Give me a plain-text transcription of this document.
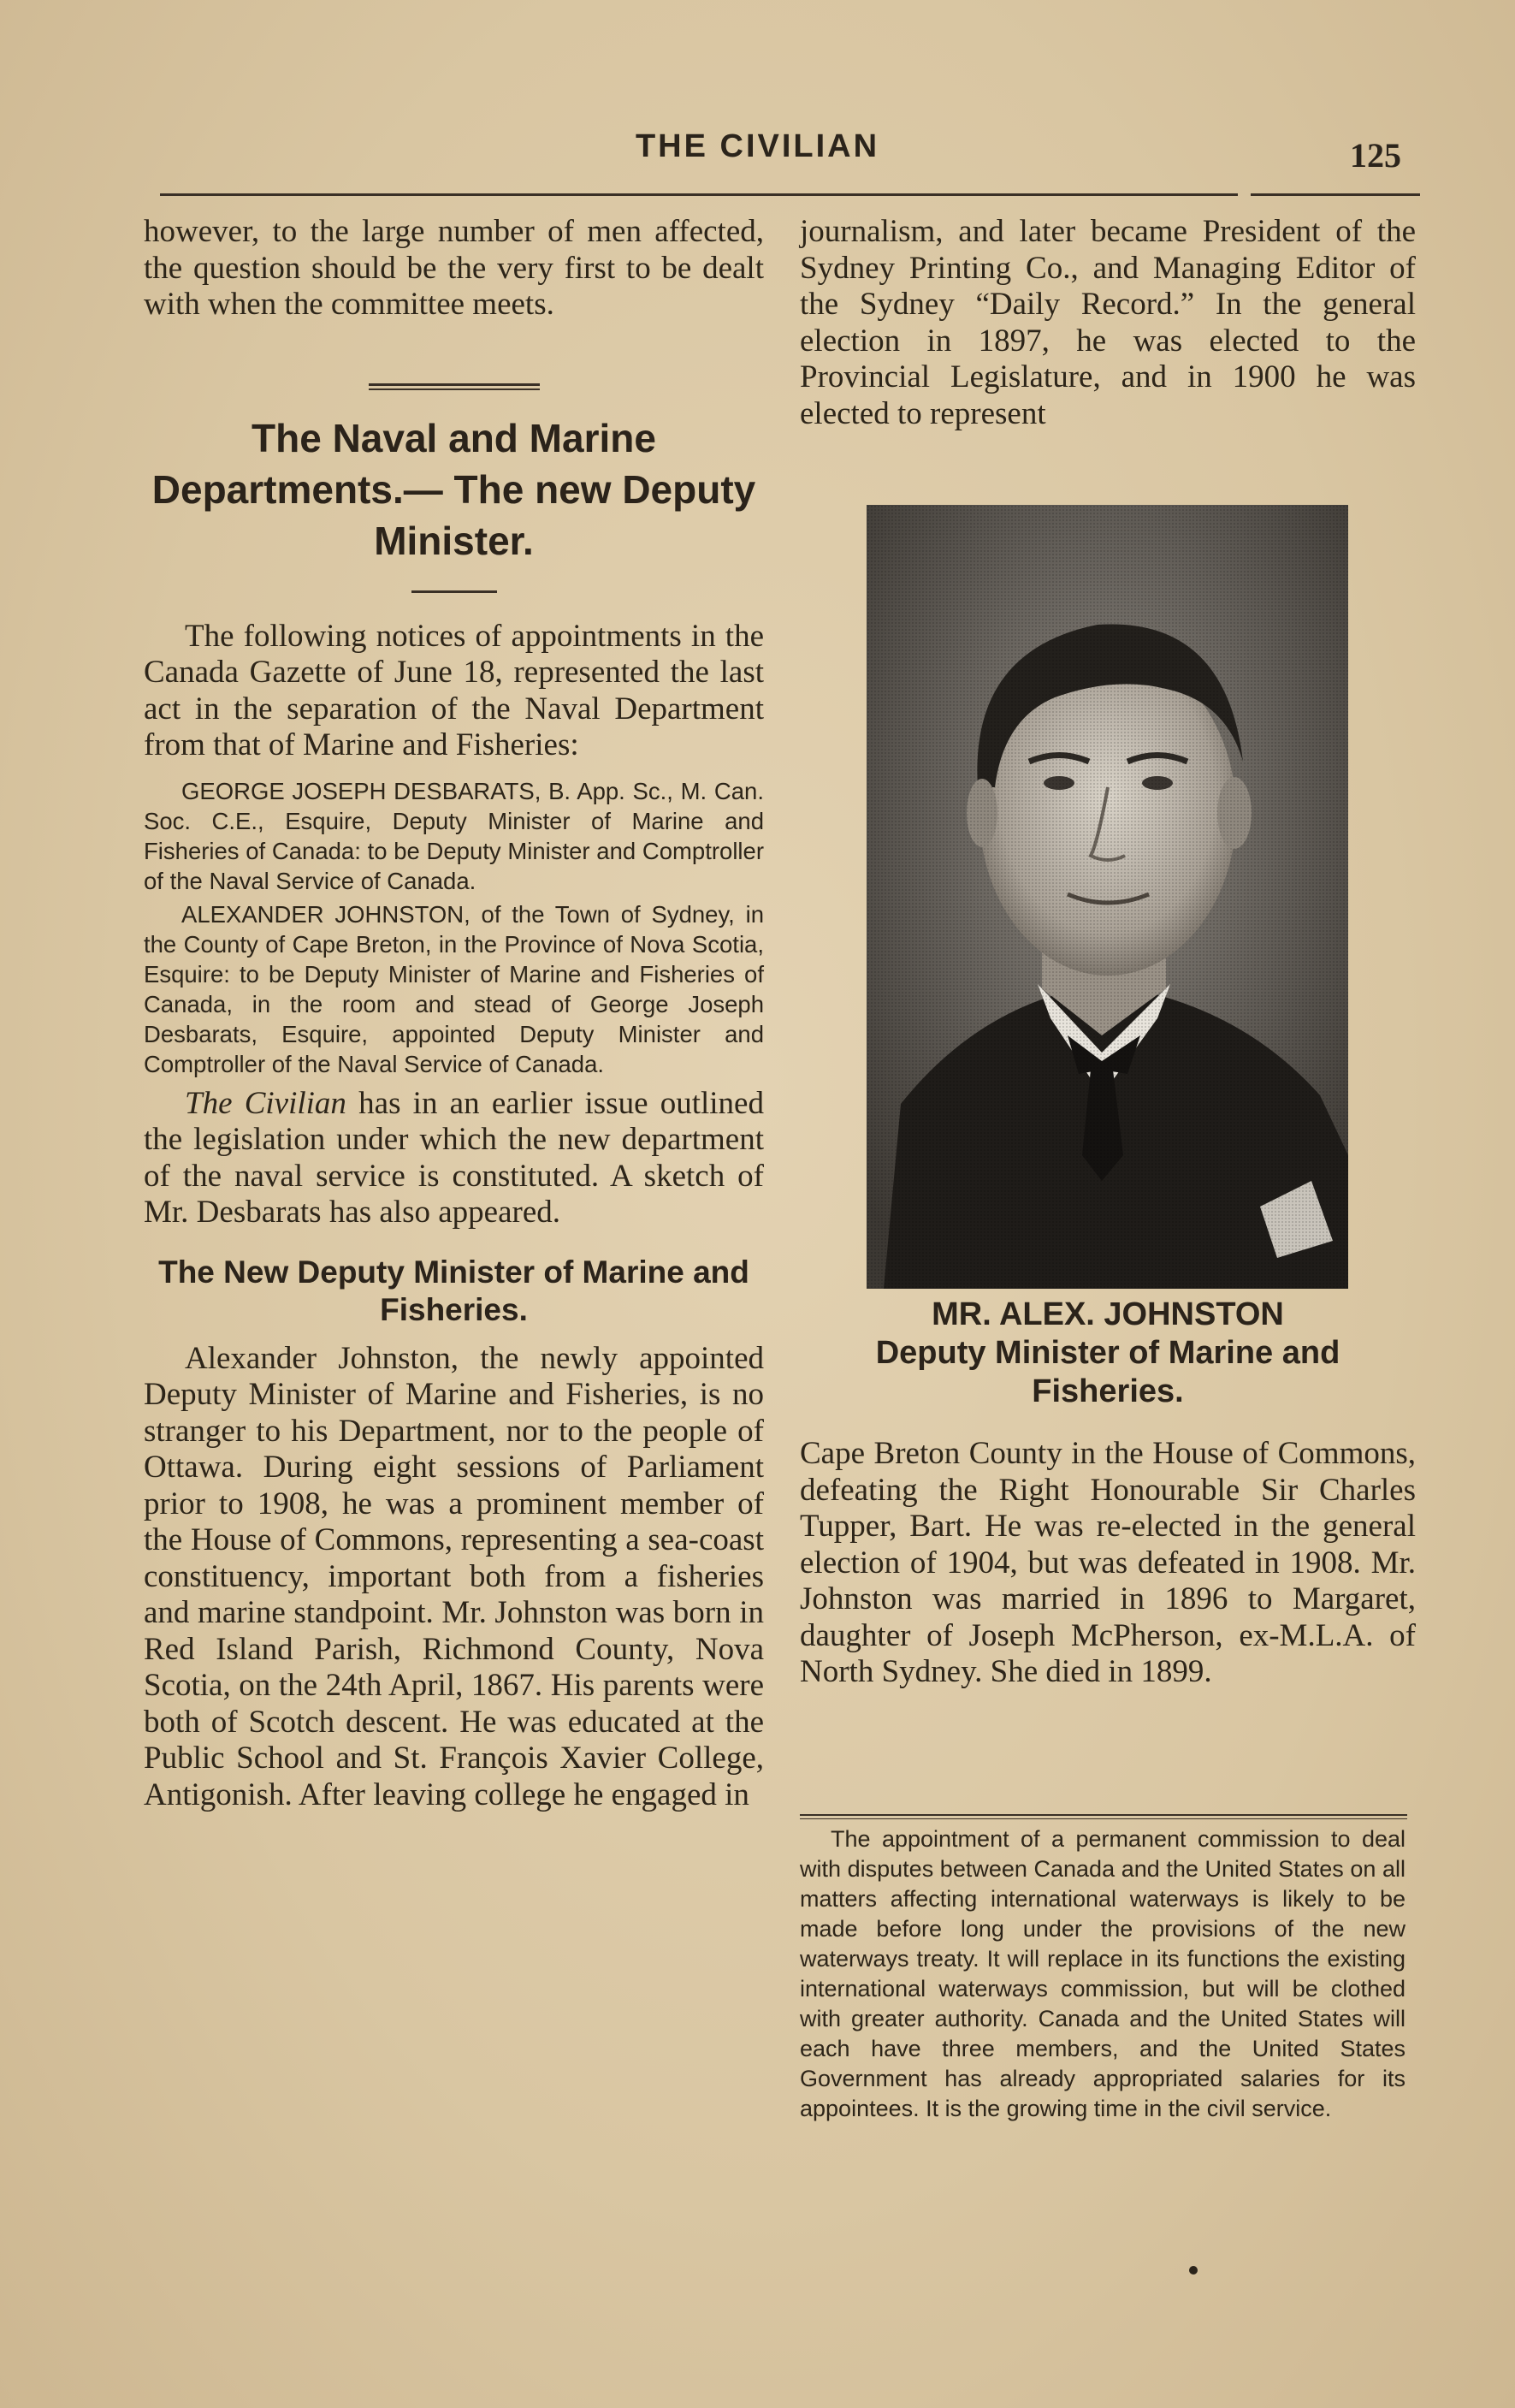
THE CIVILIAN	125

however, to the large number of men affected, the question should be the very first to be dealt with when the committee meets.

The Naval and Marine Departments.— The new Deputy Minister.

The following notices of appointments in the Canada Gazette of June 18, represented the last act in the separation of the Naval Department from that of Marine and Fisheries:

GEORGE JOSEPH DESBARATS, B. App. Sc., M. Can. Soc. C.E., Esquire, Deputy Minister of Marine and Fisheries of Canada: to be Deputy Minister and Comptroller of the Naval Service of Canada.

ALEXANDER JOHNSTON, of the Town of Sydney, in the County of Cape Breton, in the Province of Nova Scotia, Esquire: to be Deputy Minister of Marine and Fisheries of Canada, in the room and stead of George Joseph Desbarats, Esquire, appointed Deputy Minister and Comptroller of the Naval Service of Canada.

The Civilian has in an earlier issue outlined the legislation under which the new department of the naval service is constituted. A sketch of Mr. Desbarats has also appeared.

The New Deputy Minister of Marine and Fisheries.

Alexander Johnston, the newly appointed Deputy Minister of Marine and Fisheries, is no stranger to his Department, nor to the people of Ottawa. During eight sessions of Parliament prior to 1908, he was a prominent member of the House of Commons, representing a sea-coast constituency, important both from a fisheries and marine standpoint. Mr. Johnston was born in Red Island Parish, Richmond County, Nova Scotia, on the 24th April, 1867. His parents were both of Scotch descent. He was educated at the Public School and St. François Xavier College, Antigonish. After leaving college he engaged in

journalism, and later became President of the Sydney Printing Co., and Managing Editor of the Sydney “Daily Record.” In the general election in 1897, he was elected to the Provincial Legislature, and in 1900 he was elected to represent

MR. ALEX. JOHNSTON

Deputy Minister of Marine and Fisheries.

Cape Breton County in the House of Commons, defeating the Right Honourable Sir Charles Tupper, Bart. He was re-elected in the general election of 1904, but was defeated in 1908. Mr. Johnston was married in 1896 to Margaret, daughter of Joseph McPherson, ex-M.L.A. of North Sydney. She died in 1899.

The appointment of a permanent commission to deal with disputes between Canada and the United States on all matters affecting international waterways is likely to be made before long under the provisions of the new waterways treaty. It will replace in its functions the existing international waterways commission, but will be clothed with greater authority. Canada and the United States will each have three members, and the United States Government has already appropriated salaries for its appointees. It is the growing time in the civil service.
